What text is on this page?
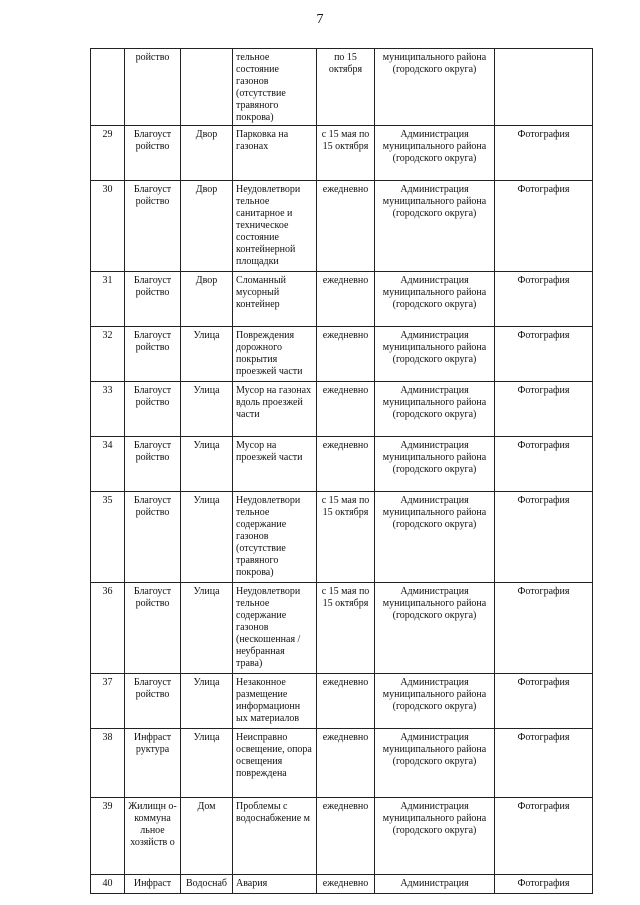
7
	ройство		тельное состояние газонов (отсутствие травяного покрова)	по 15 октября	муниципального района (городского округа)	
29	Благоуст ройство	Двор	Парковка на газонах	с 15 мая по 15 октября	Администрация муниципального района (городского округа)	Фотография
30	Благоуст ройство	Двор	Неудовлетвори тельное санитарное и техническое состояние контейнерной площадки	ежедневно	Администрация муниципального района (городского округа)	Фотография
31	Благоуст ройство	Двор	Сломанный мусорный контейнер	ежедневно	Администрация муниципального района (городского округа)	Фотография
32	Благоуст ройство	Улица	Повреждения дорожного покрытия проезжей части	ежедневно	Администрация муниципального района (городского округа)	Фотография
33	Благоуст ройство	Улица	Мусор на газонах вдоль проезжей части	ежедневно	Администрация муниципального района (городского округа)	Фотография
34	Благоуст ройство	Улица	Мусор на проезжей части	ежедневно	Администрация муниципального района (городского округа)	Фотография
35	Благоуст ройство	Улица	Неудовлетвори тельное содержание газонов (отсутствие травяного покрова)	с 15 мая по 15 октября	Администрация муниципального района (городского округа)	Фотография
36	Благоуст ройство	Улица	Неудовлетвори тельное содержание газонов (нескошенная /неубранная трава)	с 15 мая по 15 октября	Администрация муниципального района (городского округа)	Фотография
37	Благоуст ройство	Улица	Незаконное размещение информационн ых материалов	ежедневно	Администрация муниципального района (городского округа)	Фотография
38	Инфраст руктура	Улица	Неисправно освещение, опора освещения повреждена	ежедневно	Администрация муниципального района (городского округа)	Фотография
39	Жилищн о-коммуна льное хозяйств о	Дом	Проблемы с водоснабжение м	ежедневно	Администрация муниципального района (городского округа)	Фотография
40	Инфраст	Водоснаб	Авария	ежедневно	Администрация	Фотография
